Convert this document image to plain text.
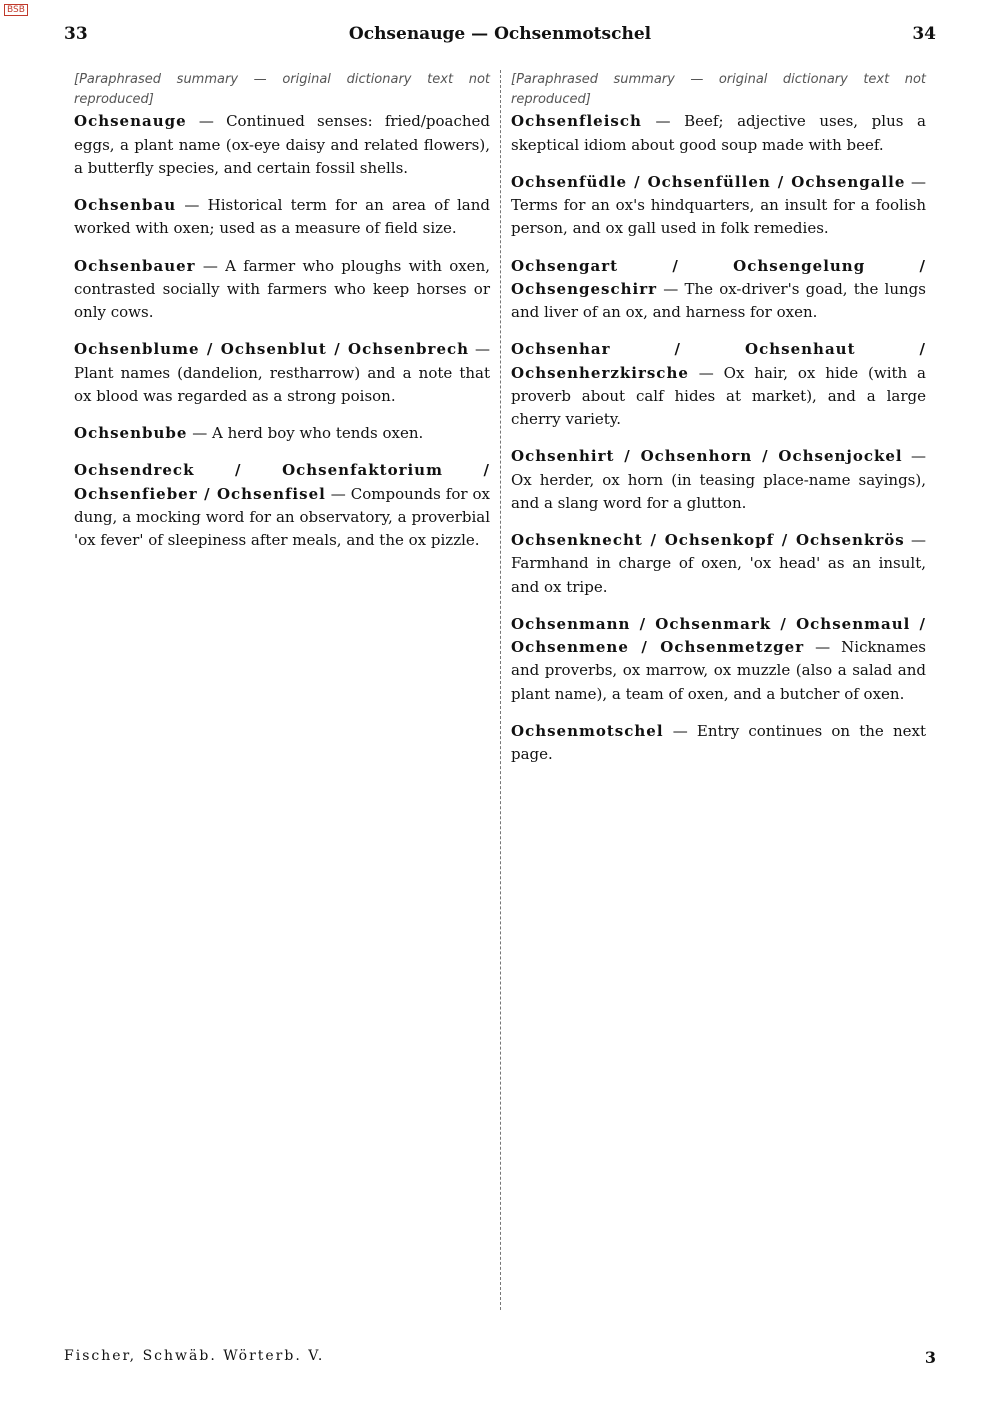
BSB
33	Ochsenauge — Ochsenmotschel	34
[Paraphrased summary — original dictionary text not reproduced]

Ochsenauge — Continued senses: fried/poached eggs, a plant name (ox-eye daisy and related flowers), a butterfly species, and certain fossil shells.

Ochsenbau — Historical term for an area of land worked with oxen; used as a measure of field size.

Ochsenbauer — A farmer who ploughs with oxen, contrasted socially with farmers who keep horses or only cows.

Ochsenblume / Ochsenblut / Ochsenbrech — Plant names (dandelion, restharrow) and a note that ox blood was regarded as a strong poison.

Ochsenbube — A herd boy who tends oxen.

Ochsendreck / Ochsenfaktorium / Ochsenfieber / Ochsenfisel — Compounds for ox dung, a mocking word for an observatory, a proverbial 'ox fever' of sleepiness after meals, and the ox pizzle.

[Paraphrased summary — original dictionary text not reproduced]

Ochsenfleisch — Beef; adjective uses, plus a skeptical idiom about good soup made with beef.

Ochsenfüdle / Ochsenfüllen / Ochsengalle — Terms for an ox's hindquarters, an insult for a foolish person, and ox gall used in folk remedies.

Ochsengart / Ochsengelung / Ochsengeschirr — The ox-driver's goad, the lungs and liver of an ox, and harness for oxen.

Ochsenhar / Ochsenhaut / Ochsenherzkirsche — Ox hair, ox hide (with a proverb about calf hides at market), and a large cherry variety.

Ochsenhirt / Ochsenhorn / Ochsenjockel — Ox herder, ox horn (in teasing place-name sayings), and a slang word for a glutton.

Ochsenknecht / Ochsenkopf / Ochsenkrös — Farmhand in charge of oxen, 'ox head' as an insult, and ox tripe.

Ochsenmann / Ochsenmark / Ochsenmaul / Ochsenmene / Ochsenmetzger — Nicknames and proverbs, ox marrow, ox muzzle (also a salad and plant name), a team of oxen, and a butcher of oxen.

Ochsenmotschel — Entry continues on the next page.

Fischer, Schwäb. Wörterb. V.	3
